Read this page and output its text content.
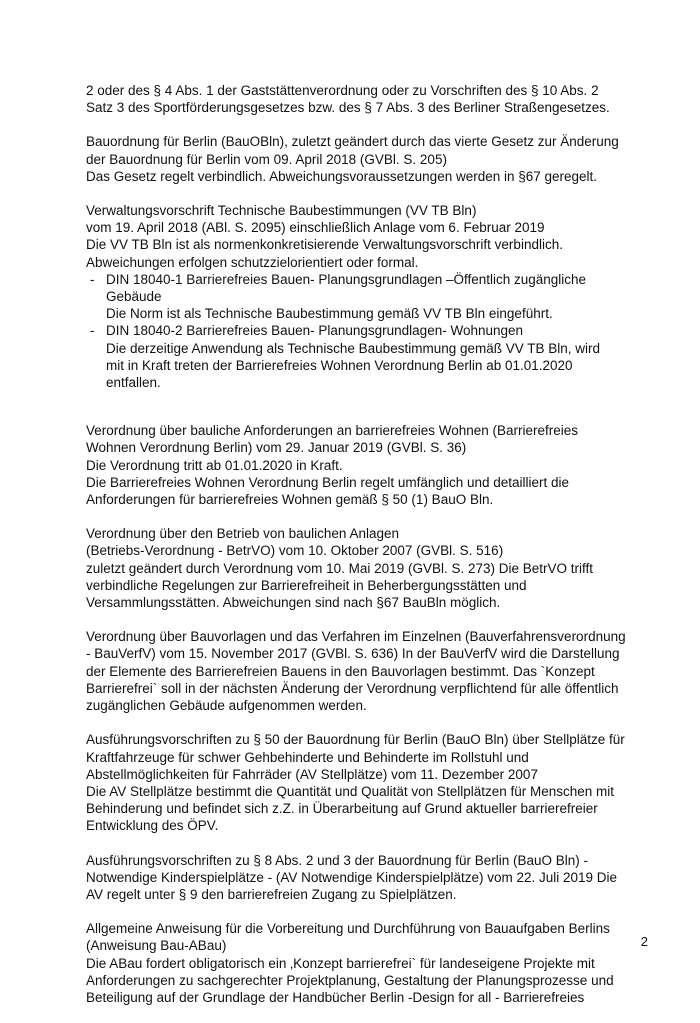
2 oder des § 4 Abs. 1 der Gaststättenverordnung oder zu Vorschriften des § 10 Abs. 2
Satz 3 des Sportförderungsgesetzes bzw. des § 7 Abs. 3 des Berliner Straßengesetzes.
Bauordnung für Berlin (BauOBln), zuletzt geändert durch das vierte Gesetz zur Änderung
der Bauordnung für Berlin vom 09. April 2018 (GVBl. S. 205)
Das Gesetz regelt verbindlich. Abweichungsvoraussetzungen werden in §67 geregelt.
Verwaltungsvorschrift Technische Baubestimmungen (VV TB Bln)
vom 19. April 2018 (ABl. S. 2095) einschließlich Anlage vom 6. Februar 2019
Die VV TB Bln ist als normenkonkretisierende Verwaltungsvorschrift verbindlich.
Abweichungen erfolgen schutzzielorientiert oder formal.
- DIN 18040-1 Barrierefreies Bauen- Planungsgrundlagen –Öffentlich zugängliche
Gebäude
Die Norm ist als Technische Baubestimmung gemäß VV TB Bln eingeführt.
- DIN 18040-2 Barrierefreies Bauen- Planungsgrundlagen- Wohnungen
Die derzeitige Anwendung als Technische Baubestimmung gemäß VV TB Bln, wird
mit in Kraft treten der Barrierefreies Wohnen Verordnung Berlin ab 01.01.2020
entfallen.
Verordnung über bauliche Anforderungen an barrierefreies Wohnen (Barrierefreies
Wohnen Verordnung Berlin) vom 29. Januar 2019 (GVBl. S. 36)
Die Verordnung tritt ab 01.01.2020 in Kraft.
Die Barrierefreies Wohnen Verordnung Berlin regelt umfänglich und detailliert die
Anforderungen für barrierefreies Wohnen gemäß § 50 (1) BauO Bln.
Verordnung über den Betrieb von baulichen Anlagen
(Betriebs-Verordnung - BetrVO) vom 10. Oktober 2007 (GVBl. S. 516)
zuletzt geändert durch Verordnung vom 10. Mai 2019 (GVBl. S. 273) Die BetrVO trifft
verbindliche Regelungen zur Barrierefreiheit in Beherbergungsstätten und
Versammlungsstätten. Abweichungen sind nach §67 BauBln möglich.
Verordnung über Bauvorlagen und das Verfahren im Einzelnen (Bauverfahrensverordnung
- BauVerfV) vom 15. November 2017 (GVBl. S. 636) In der BauVerfV wird die Darstellung
der Elemente des Barrierefreien Bauens in den Bauvorlagen bestimmt. Das `Konzept
Barrierefrei` soll in der nächsten Änderung der Verordnung verpflichtend für alle öffentlich
zugänglichen Gebäude aufgenommen werden.
Ausführungsvorschriften zu § 50 der Bauordnung für Berlin (BauO Bln) über Stellplätze für
Kraftfahrzeuge für schwer Gehbehinderte und Behinderte im Rollstuhl und
Abstellmöglichkeiten für Fahrräder (AV Stellplätze) vom 11. Dezember 2007
Die AV Stellplätze bestimmt die Quantität und Qualität von Stellplätzen für Menschen mit
Behinderung und befindet sich z.Z. in Überarbeitung auf Grund aktueller barrierefreier
Entwicklung des ÖPV.
Ausführungsvorschriften zu § 8 Abs. 2 und 3 der Bauordnung für Berlin (BauO Bln) -
Notwendige Kinderspielplätze - (AV Notwendige Kinderspielplätze) vom 22. Juli 2019 Die
AV regelt unter § 9 den barrierefreien Zugang zu Spielplätzen.
Allgemeine Anweisung für die Vorbereitung und Durchführung von Bauaufgaben Berlins
(Anweisung Bau-ABau)
Die ABau fordert obligatorisch ein ‚Konzept barrierefrei` für landeseigene Projekte mit
Anforderungen zu sachgerechter Projektplanung, Gestaltung der Planungsprozesse und
Beteiligung auf der Grundlage der Handbücher Berlin -Design for all - Barrierefreies
2
